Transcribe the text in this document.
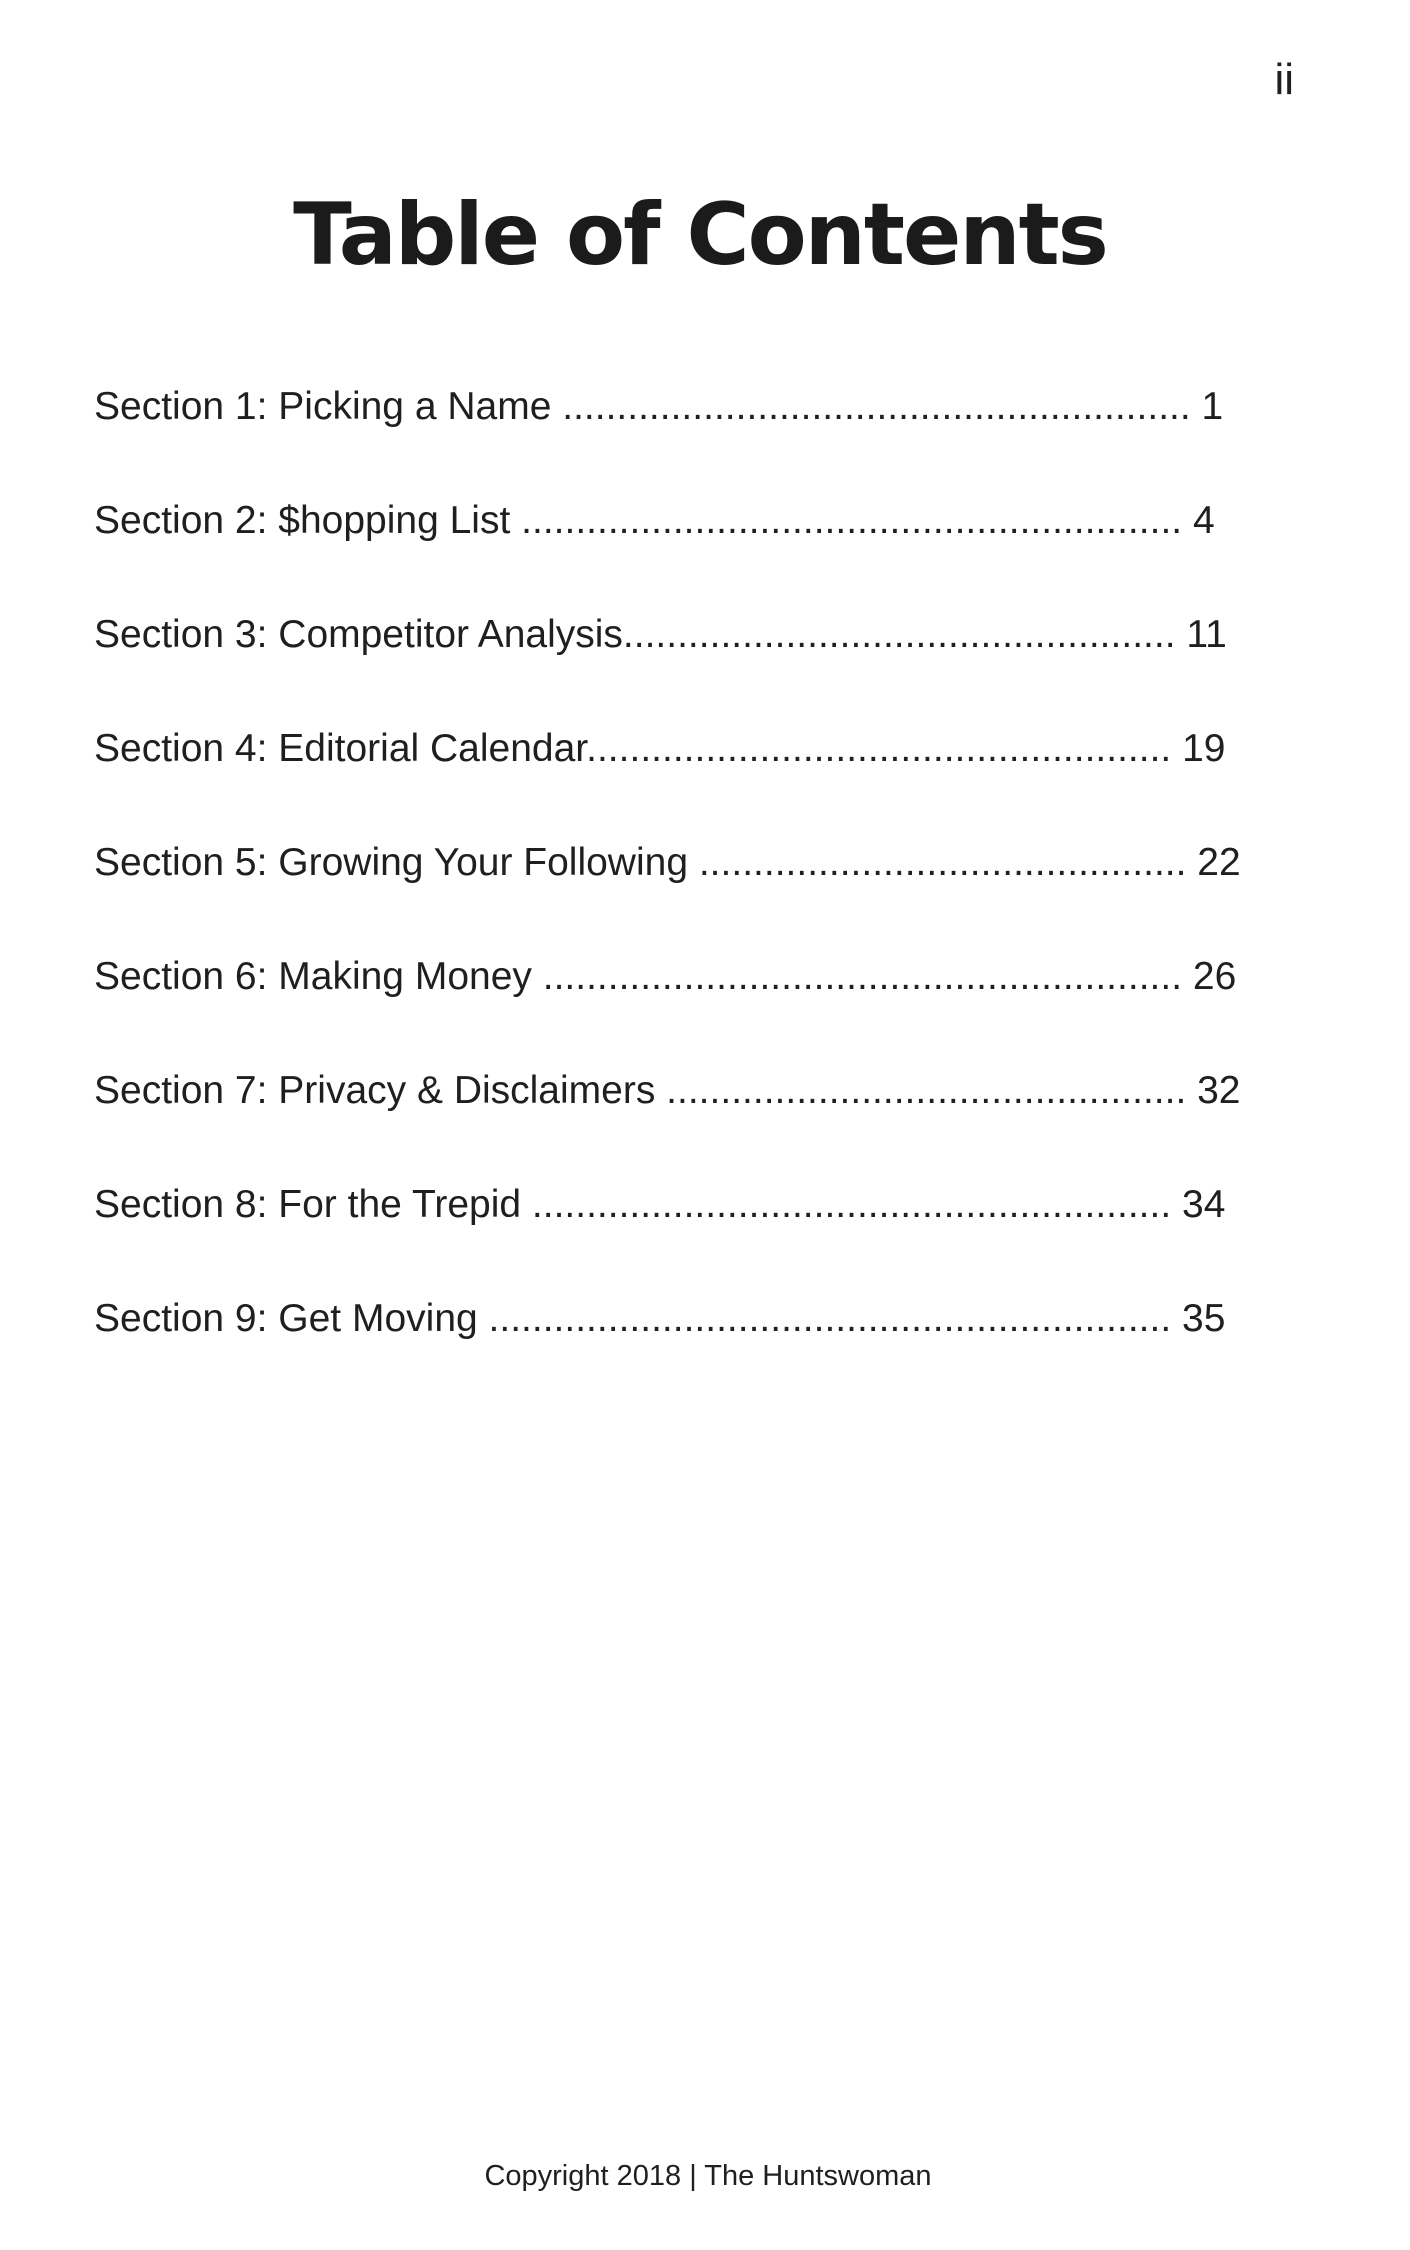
ii
Table of Contents
Section 1: Picking a Name .......................................................... 1
Section 2: $hopping List ............................................................. 4
Section 3: Competitor Analysis................................................... 11
Section 4: Editorial Calendar...................................................... 19
Section 5: Growing Your Following ............................................. 22
Section 6: Making Money ........................................................... 26
Section 7: Privacy & Disclaimers ................................................ 32
Section 8: For the Trepid ........................................................... 34
Section 9: Get Moving ............................................................... 35
Copyright 2018 | The Huntswoman
